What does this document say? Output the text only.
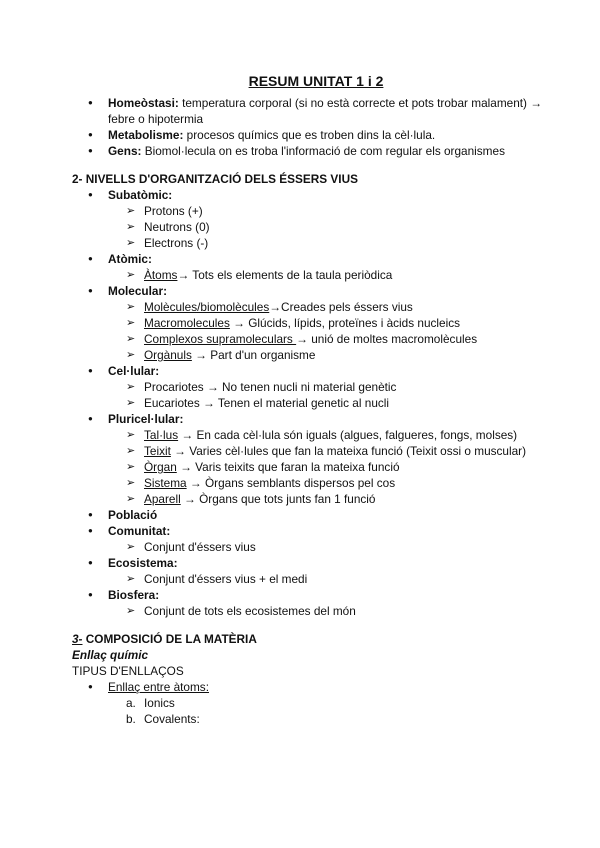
RESUM UNITAT 1 i 2
● Homeòstasi: temperatura corporal (si no està correcte et pots trobar malament) → febre o hipotermia
● Metabolisme: procesos químics que es troben dins la cèl·lula.
● Gens: Biomol·lecula on es troba l'informació de com regular els organismes
2- NIVELLS D'ORGANITZACIÓ DELS ÉSSERS VIUS
● Subatòmic:
➢ Protons (+)
➢ Neutrons (0)
➢ Electrons (-)
● Atòmic:
➢ Àtoms→ Tots els elements de la taula periòdica
● Molecular:
➢ Molècules/biomolècules→Creades pels éssers vius
➢ Macromolecules → Glúcids, lípids, proteïnes i àcids nucleics
➢ Complexos supramoleculars → unió de moltes macromolècules
➢ Orgànuls → Part d'un organisme
● Cel·lular:
➢ Procariotes → No tenen nucli ni material genètic
➢ Eucariotes → Tenen el material genetic al nucli
● Pluricel·lular:
➢ Tal·lus → En cada cèl·lula són iguals (algues, falgueres, fongs, molses)
➢ Teixit → Varies cèl·lules que fan la mateixa funció (Teixit ossi o muscular)
➢ Òrgan → Varis teixits que faran la mateixa funció
➢ Sistema → Òrgans semblants dispersos pel cos
➢ Aparell → Òrgans que tots junts fan 1 funció
● Població
● Comunitat:
➢ Conjunt d'éssers vius
● Ecosistema:
➢ Conjunt d'éssers vius + el medi
● Biosfera:
➢ Conjunt de tots els ecosistemes del món
3- COMPOSICIÓ DE LA MATÈRIA
Enllaç químic
TIPUS D'ENLLAÇOS
● Enllaç entre àtoms:
a. Ionics
b. Covalents:
